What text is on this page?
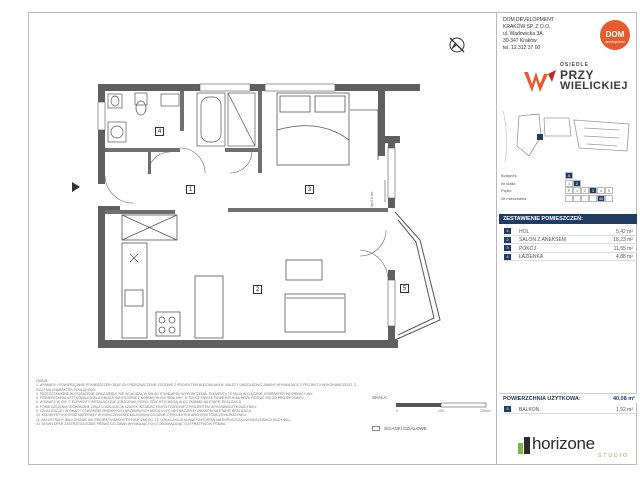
4
1	3
2	5
hp=15 cm
DOM DEVELOPMENT
KRAKÓW SP. Z O.O.
ul. Wadowicka 3A
30-347 Kraków
tel. 12 312 37 00
DOM
development
OSIEDLE
PRZY
WIELICKIEJ
Budynek	A
Nr klatki	1	2
Piętro	P	1	2	3	4	5
Nr mieszkania	40
ZESTAWIENIE POMIESZCZEŃ:
1	HOL	5,42 m²
2	SALON Z ANEKSEM	18,23 m²
3	POKÓJ	11,55 m²
4	ŁAZIENKA	4,88 m²
POWIERZCHNIA UŻYTKOWA:	40,08 m²
5	BALKON	1,92 m²
UWAGI:
1. WYMIARY I POWIERZCHNIE POMIESZCZEŃ ORAZ ICH PRZEZNACZENIE ZGODNIE Z PROJEKTEM BUDOWLANYM. NALEŻY UWZGLĘDNIĆ ZMIANY WYNIKAJĄCE Z PROJEKTU WYKONAWCZEGO. 2. RZUT MA CHARAKTER POGLĄDOWY
3. PRZEDSTAWIONE WYPOSAŻENIE ORAZ MEBLE NIE WCHODZĄ W SKŁAD STANDARDU WYKOŃCZENIA. ELEMENTY TE MAJĄ WYŁĄCZNIE CHARAKTER INFORMACYJNY.
4. POWIERZCHNIA UŻYTKOWA LOKALU OBLICZONA ZGODNIE Z NORMĄ PN-ISO 9836:1997. 5. RZECZYWISTA POWIERZCHNIA MOŻE RÓŻNIĆ SIĘ OD PROJEKTOWEJ.
6. WYMIARY W CM. 7. ELEMENTY INSTALACYJNE (GRZEJNIKI, PIONY, SZACHTY) MOGĄ ULEC ZMIANIE NA ETAPIE REALIZACJI.
8. POMIESZCZENIA TECHNICZNE ORAZ LOKALIZACJA SZAFEK INSTALACYJNYCH ZGODNIE Z PROJEKTEM WYKONAWCZYM BUDYNKU.
9. LOKALIZACJA I WYMIARY OTWORÓW OKIENNYCH I DRZWIOWYCH MOGĄ ULEC NIEZNACZNYM ZMIANOM NA ETAPIE REALIZACJI.
10. KOLORYSTYKA ORAZ MATERIAŁY WYKOŃCZENIOWE BALKONÓW ZGODNIE Z PROJEKTEM ARCHITEKTONICZNYM BUDYNKU.
11. BALUSTRADY BALKONOWE WG PROJEKTU ARCHITEKTONICZNEGO. 12. LOKALIZACJA KLIMATYZATORÓW NIEDOPUSZCZALNA NA ELEWACJI BUDYNKU.
13. DEWELOPER ZASTRZEGA SOBIE PRAWO DO ZMIAN WYNIKAJĄCYCH Z OBOWIĄZUJĄCYCH PRZEPISÓW PRAWA.
SKALA:
0	100	200cm
ŚCIANKI DZIAŁOWE
horizone
STUDIO
